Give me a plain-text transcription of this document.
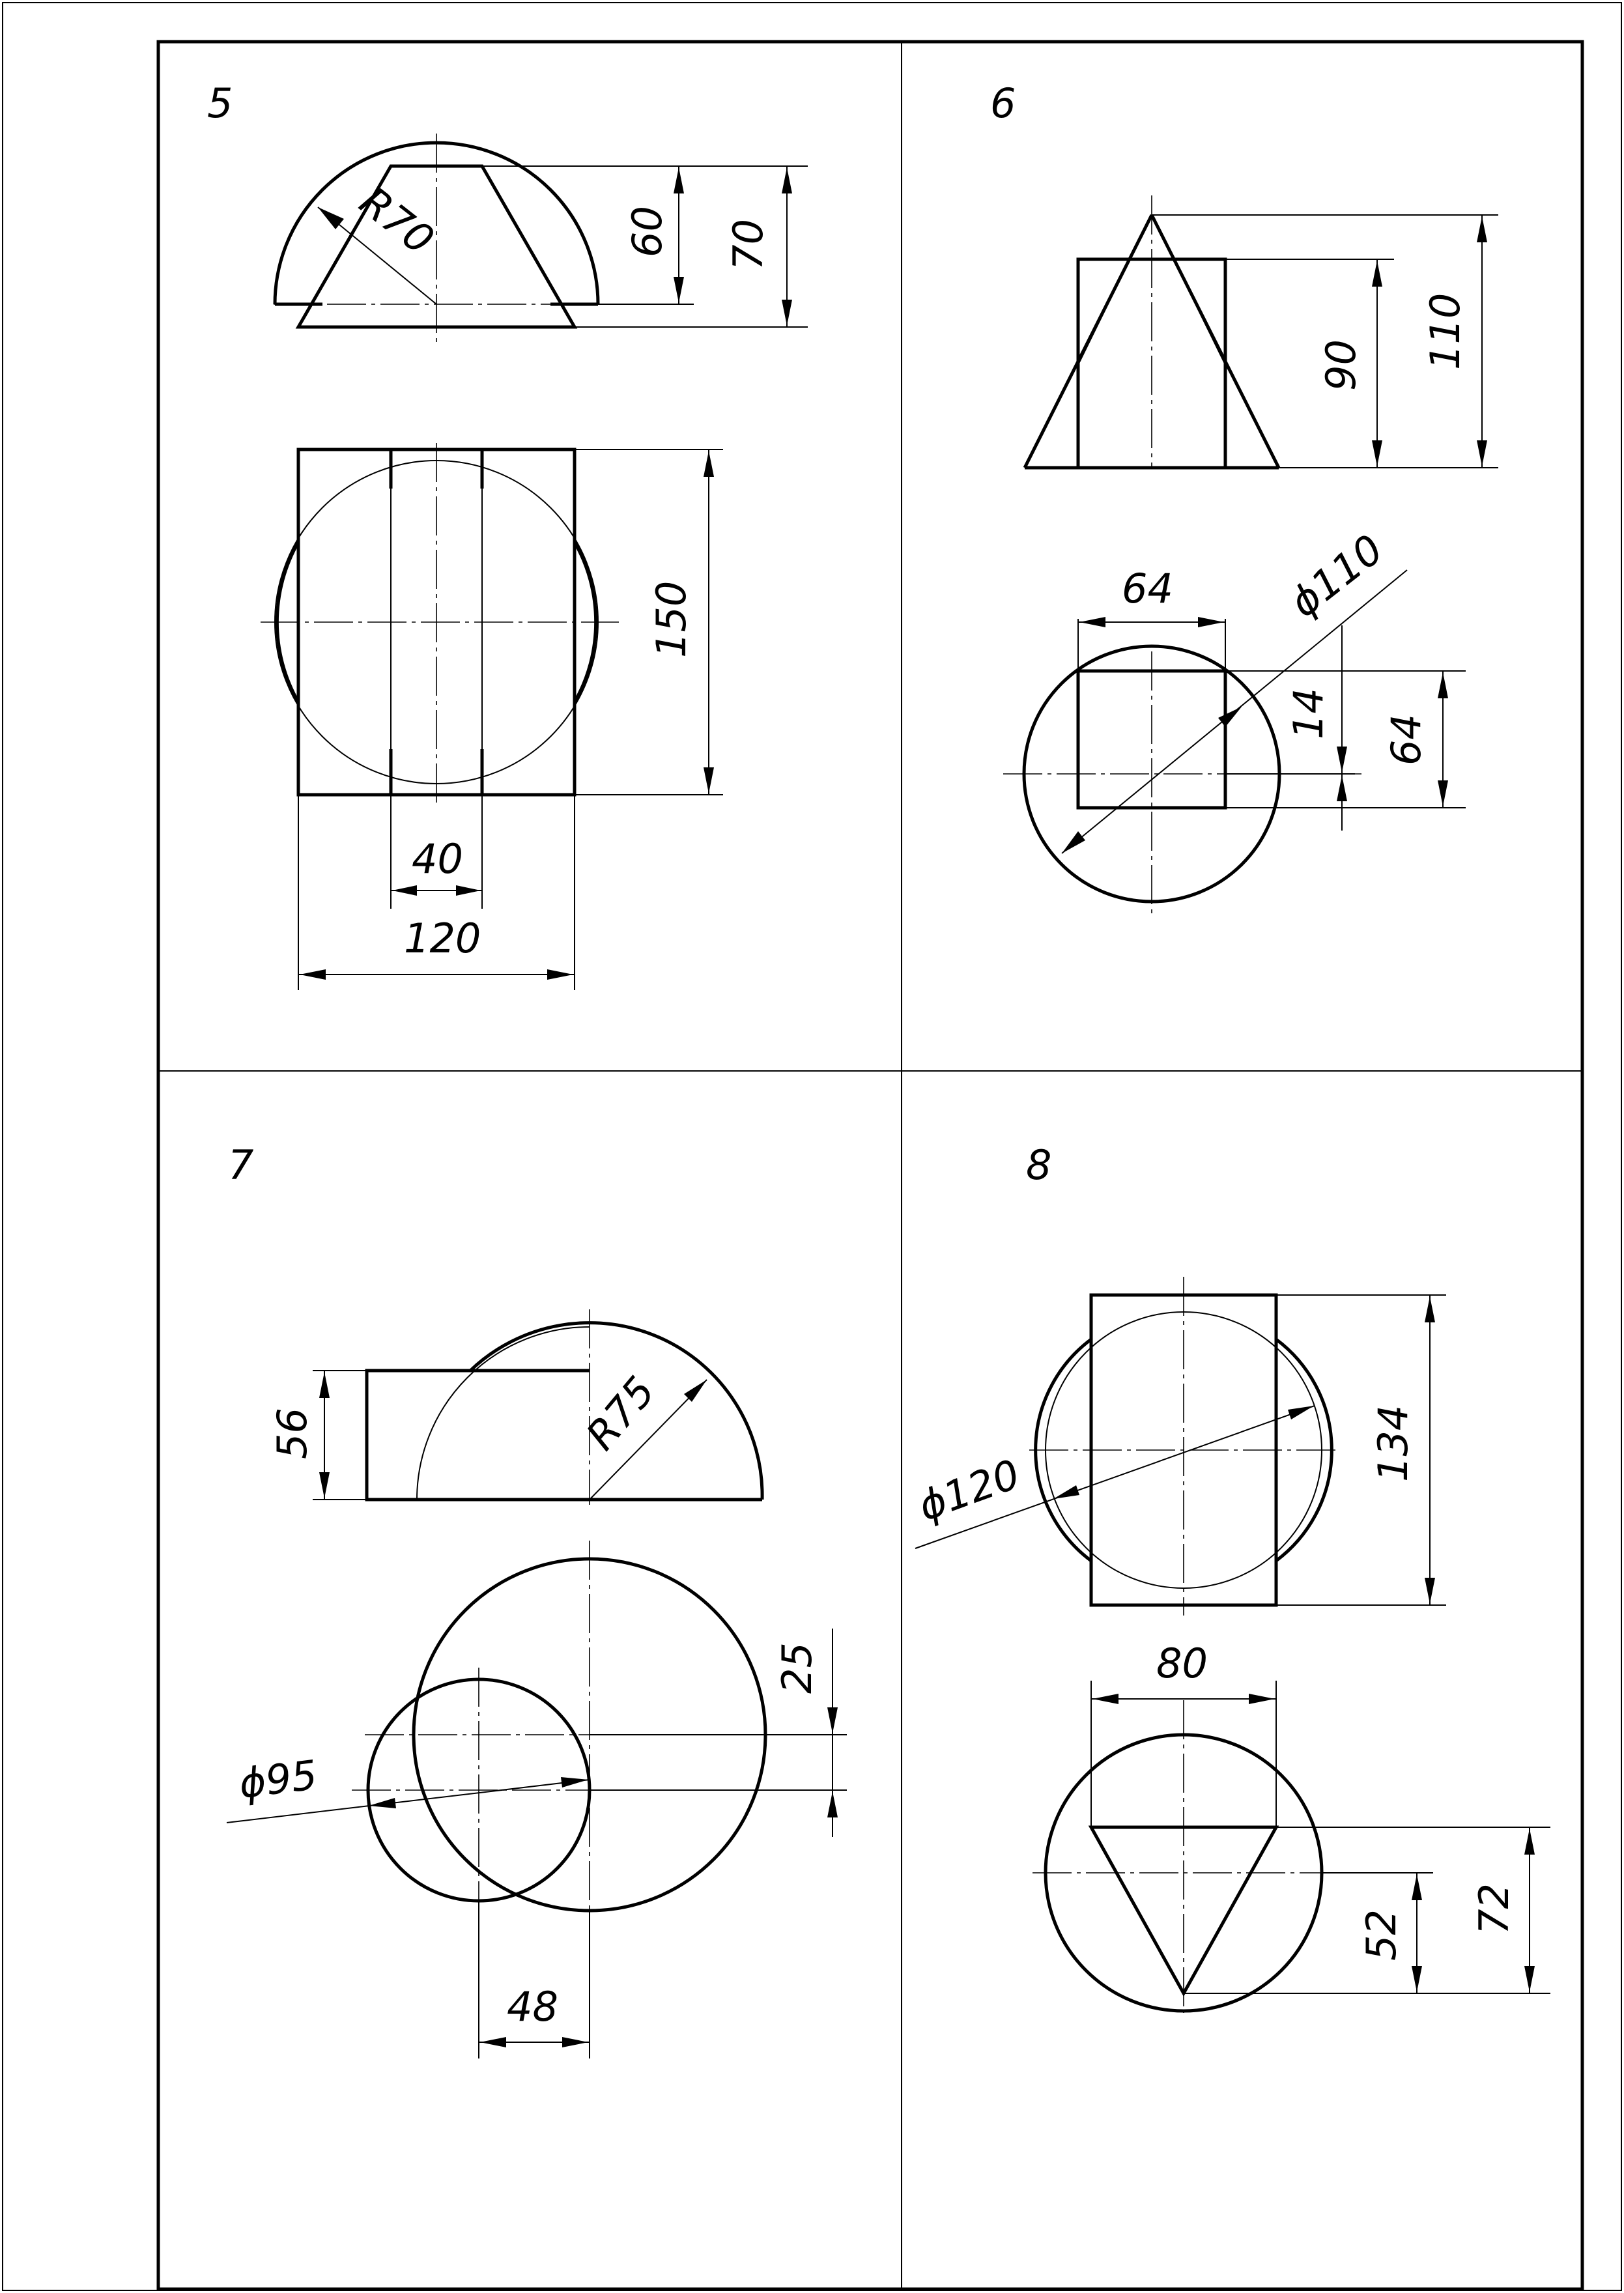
5
R70	60 70
150
40
120
6
90 110
64	ϕ110
14
64
7
R75
56
25
ϕ95
48
8
ϕ120
134
80
52
72
